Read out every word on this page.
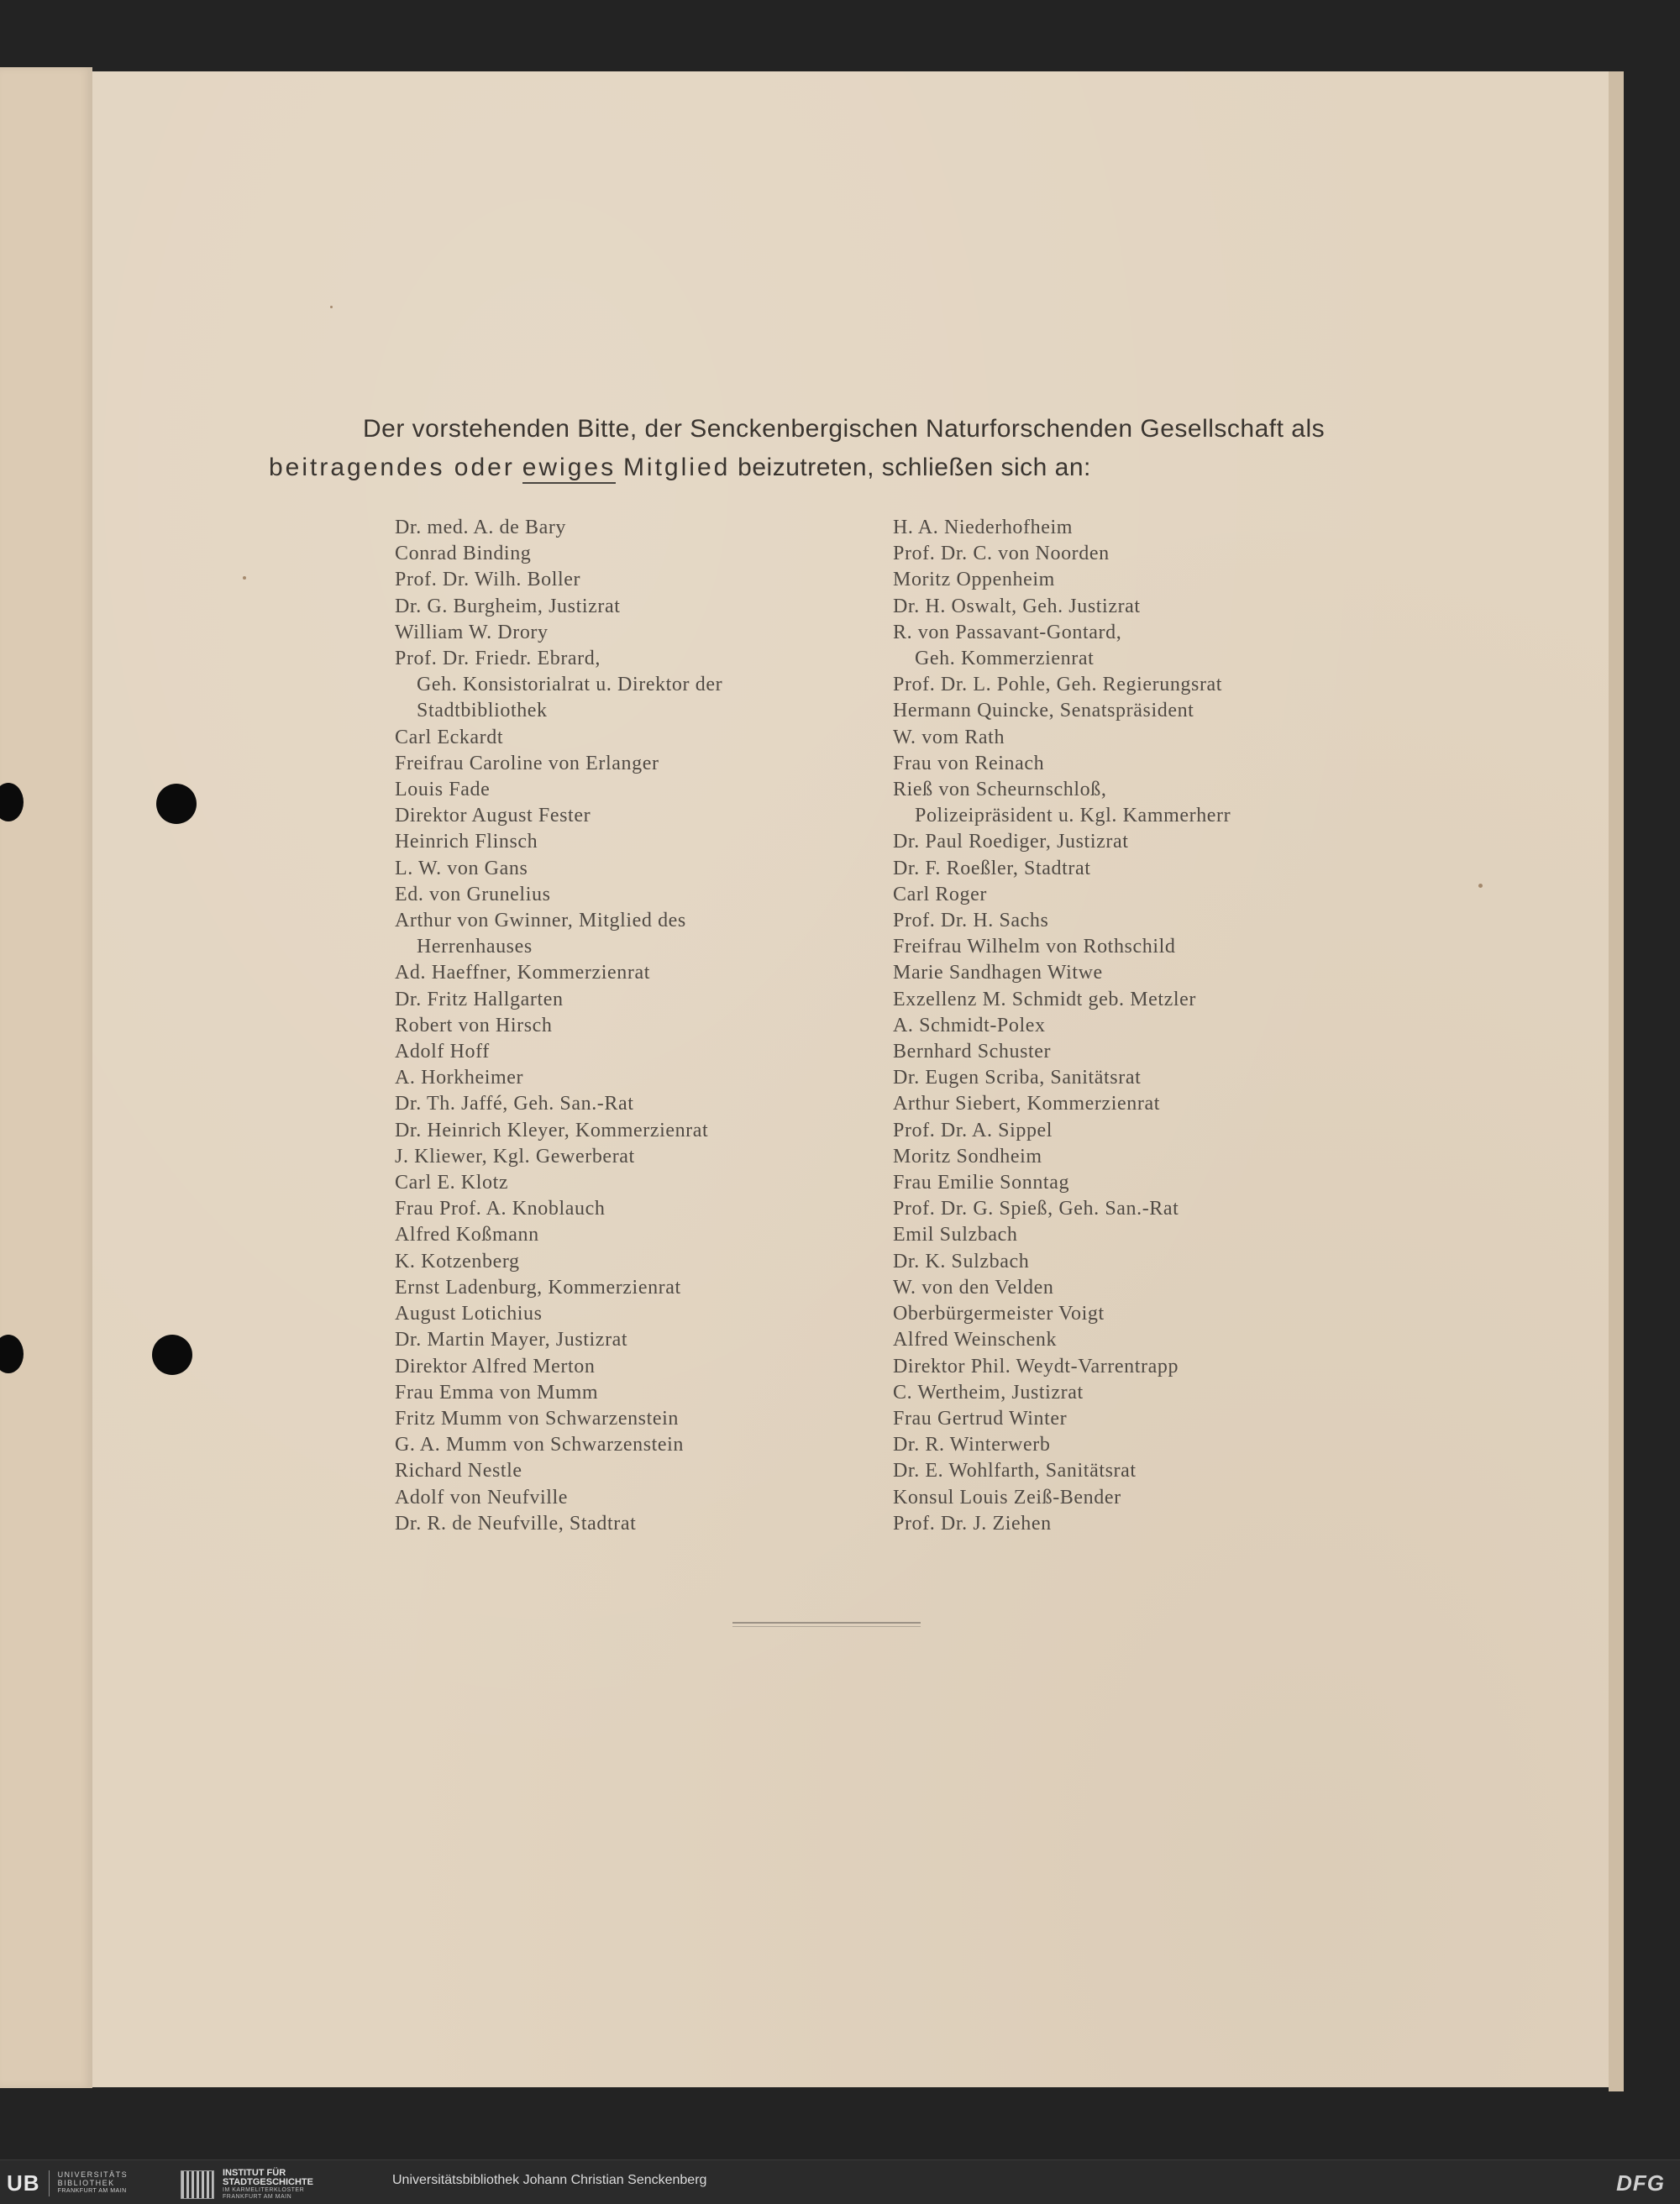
Der vorstehenden Bitte, der Senckenbergischen Naturforschenden Gesellschaft als
beitragendes oder ewiges Mitglied beizutreten, schließen sich an:
Dr. med. A. de Bary
Conrad Binding
Prof. Dr. Wilh. Boller
Dr. G. Burgheim, Justizrat
William W. Drory
Prof. Dr. Friedr. Ebrard,
Geh. Konsistorialrat u. Direktor der
Stadtbibliothek
Carl Eckardt
Freifrau Caroline von Erlanger
Louis Fade
Direktor August Fester
Heinrich Flinsch
L. W. von Gans
Ed. von Grunelius
Arthur von Gwinner, Mitglied des
Herrenhauses
Ad. Haeffner, Kommerzienrat
Dr. Fritz Hallgarten
Robert von Hirsch
Adolf Hoff
A. Horkheimer
Dr. Th. Jaffé, Geh. San.-Rat
Dr. Heinrich Kleyer, Kommerzienrat
J. Kliewer, Kgl. Gewerberat
Carl E. Klotz
Frau Prof. A. Knoblauch
Alfred Koßmann
K. Kotzenberg
Ernst Ladenburg, Kommerzienrat
August Lotichius
Dr. Martin Mayer, Justizrat
Direktor Alfred Merton
Frau Emma von Mumm
Fritz Mumm von Schwarzenstein
G. A. Mumm von Schwarzenstein
Richard Nestle
Adolf von Neufville
Dr. R. de Neufville, Stadtrat
H. A. Niederhofheim
Prof. Dr. C. von Noorden
Moritz Oppenheim
Dr. H. Oswalt, Geh. Justizrat
R. von Passavant-Gontard,
Geh. Kommerzienrat
Prof. Dr. L. Pohle, Geh. Regierungsrat
Hermann Quincke, Senatspräsident
W. vom Rath
Frau von Reinach
Rieß von Scheurnschloß,
Polizeipräsident u. Kgl. Kammerherr
Dr. Paul Roediger, Justizrat
Dr. F. Roeßler, Stadtrat
Carl Roger
Prof. Dr. H. Sachs
Freifrau Wilhelm von Rothschild
Marie Sandhagen Witwe
Exzellenz M. Schmidt geb. Metzler
A. Schmidt-Polex
Bernhard Schuster
Dr. Eugen Scriba, Sanitätsrat
Arthur Siebert, Kommerzienrat
Prof. Dr. A. Sippel
Moritz Sondheim
Frau Emilie Sonntag
Prof. Dr. G. Spieß, Geh. San.-Rat
Emil Sulzbach
Dr. K. Sulzbach
W. von den Velden
Oberbürgermeister Voigt
Alfred Weinschenk
Direktor Phil. Weydt-Varrentrapp
C. Wertheim, Justizrat
Frau Gertrud Winter
Dr. R. Winterwerb
Dr. E. Wohlfarth, Sanitätsrat
Konsul Louis Zeiß-Bender
Prof. Dr. J. Ziehen
UB	UNIVERSITÄTS
BIBLIOTHEK
FRANKFURT AM MAIN
INSTITUT FÜR
STADTGESCHICHTE
IM KARMELITERKLOSTER
FRANKFURT AM MAIN
Universitätsbibliothek Johann Christian Senckenberg	DFG
